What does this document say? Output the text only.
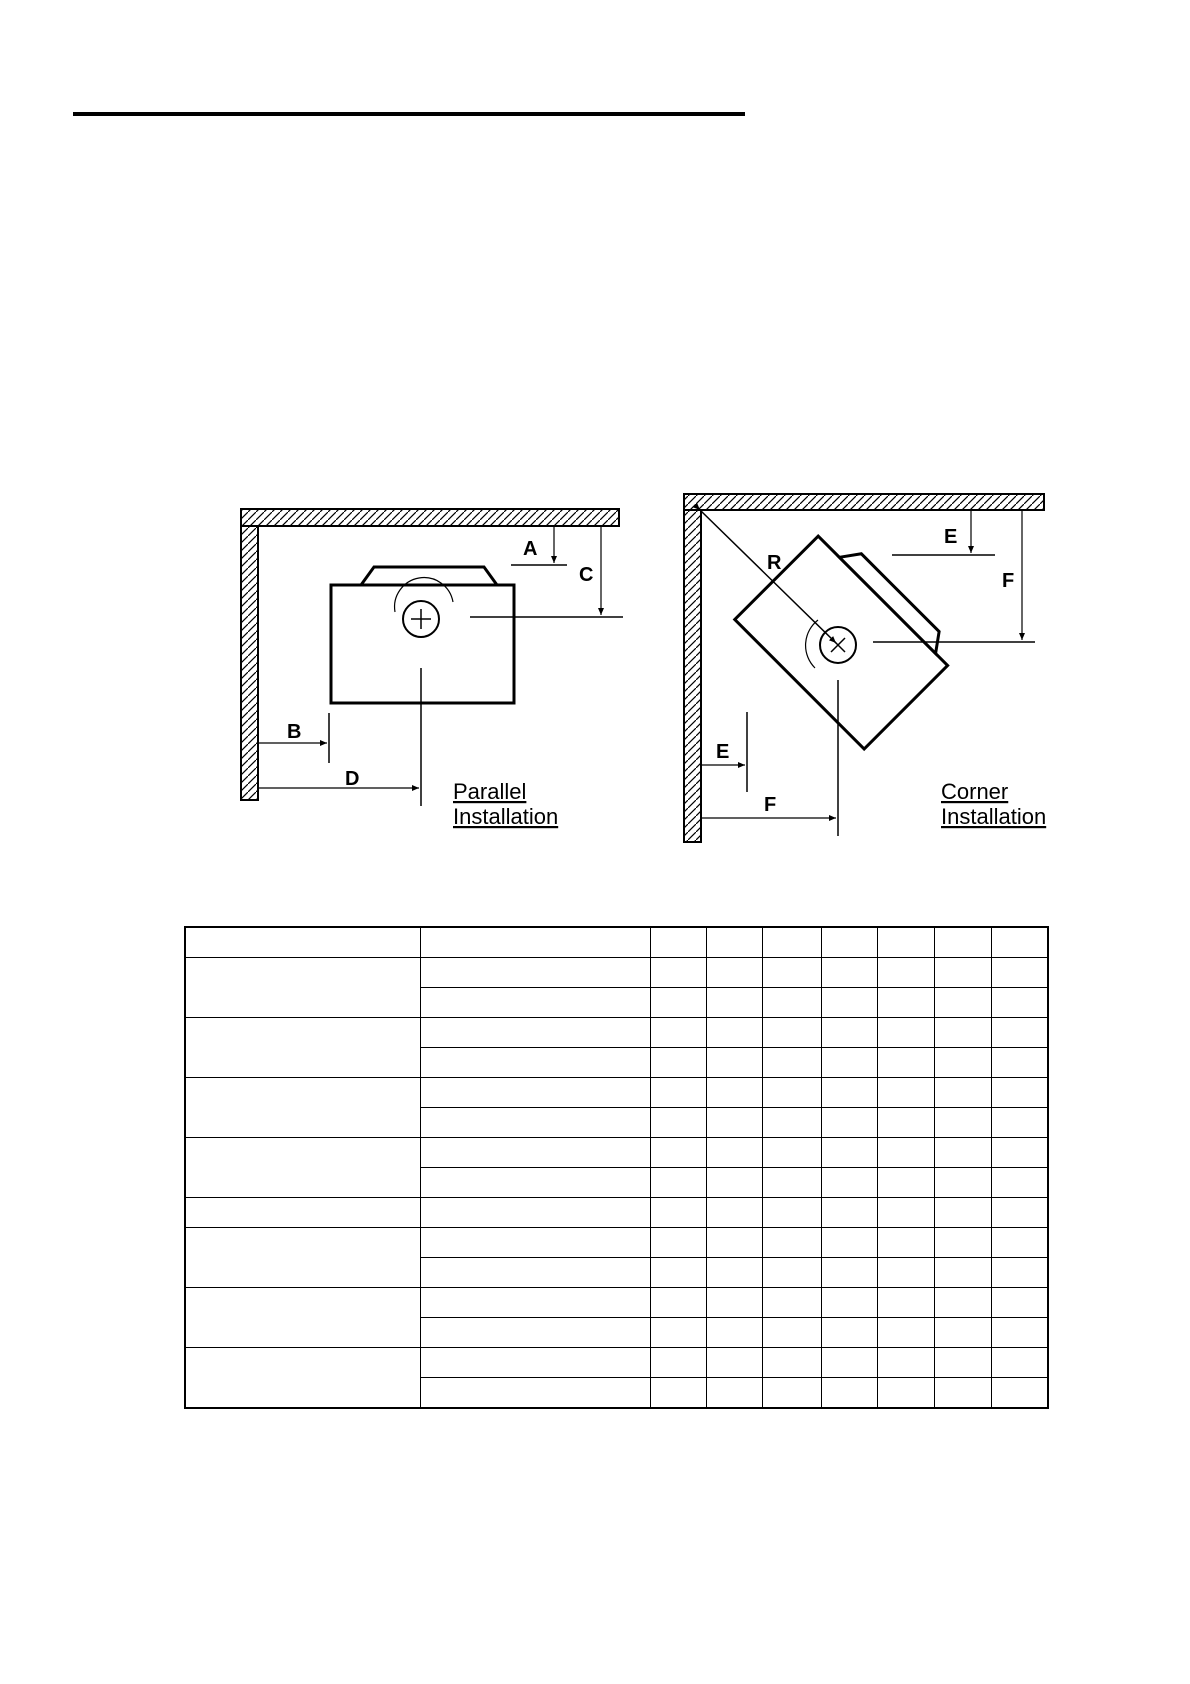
A
C
B
D	Parallel
Installation
R
E
F
E
F
Corner
Installation
